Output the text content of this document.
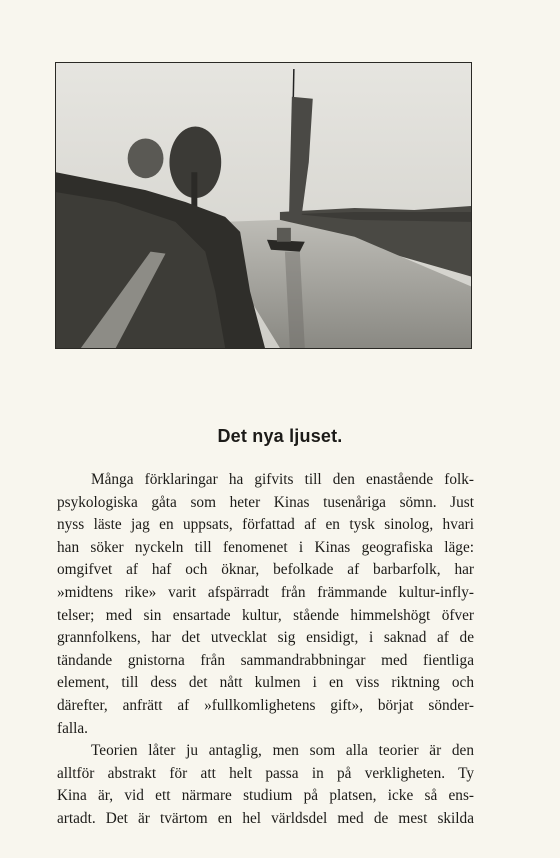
Det nya ljuset.
Många förklaringar ha gifvits till den enastående folk-
psykologiska gåta som heter Kinas tusenåriga sömn. Just
nyss läste jag en uppsats, författad af en tysk sinolog, hvari
han söker nyckeln till fenomenet i Kinas geografiska läge:
omgifvet af haf och öknar, befolkade af barbarfolk, har
»midtens rike» varit afspärradt från främmande kultur-infly-
telser; med sin ensartade kultur, stående himmelshögt öfver
grannfolkens, har det utvecklat sig ensidigt, i saknad af de
tändande gnistorna från sammandrabbningar med fientliga
element, till dess det nått kulmen i en viss riktning och
därefter, anfrätt af »fullkomlighetens gift», börjat sönder-
falla.
Teorien låter ju antaglig, men som alla teorier är den
alltför abstrakt för att helt passa in på verkligheten. Ty
Kina är, vid ett närmare studium på platsen, icke så ens-
artadt. Det är tvärtom en hel världsdel med de mest skilda
